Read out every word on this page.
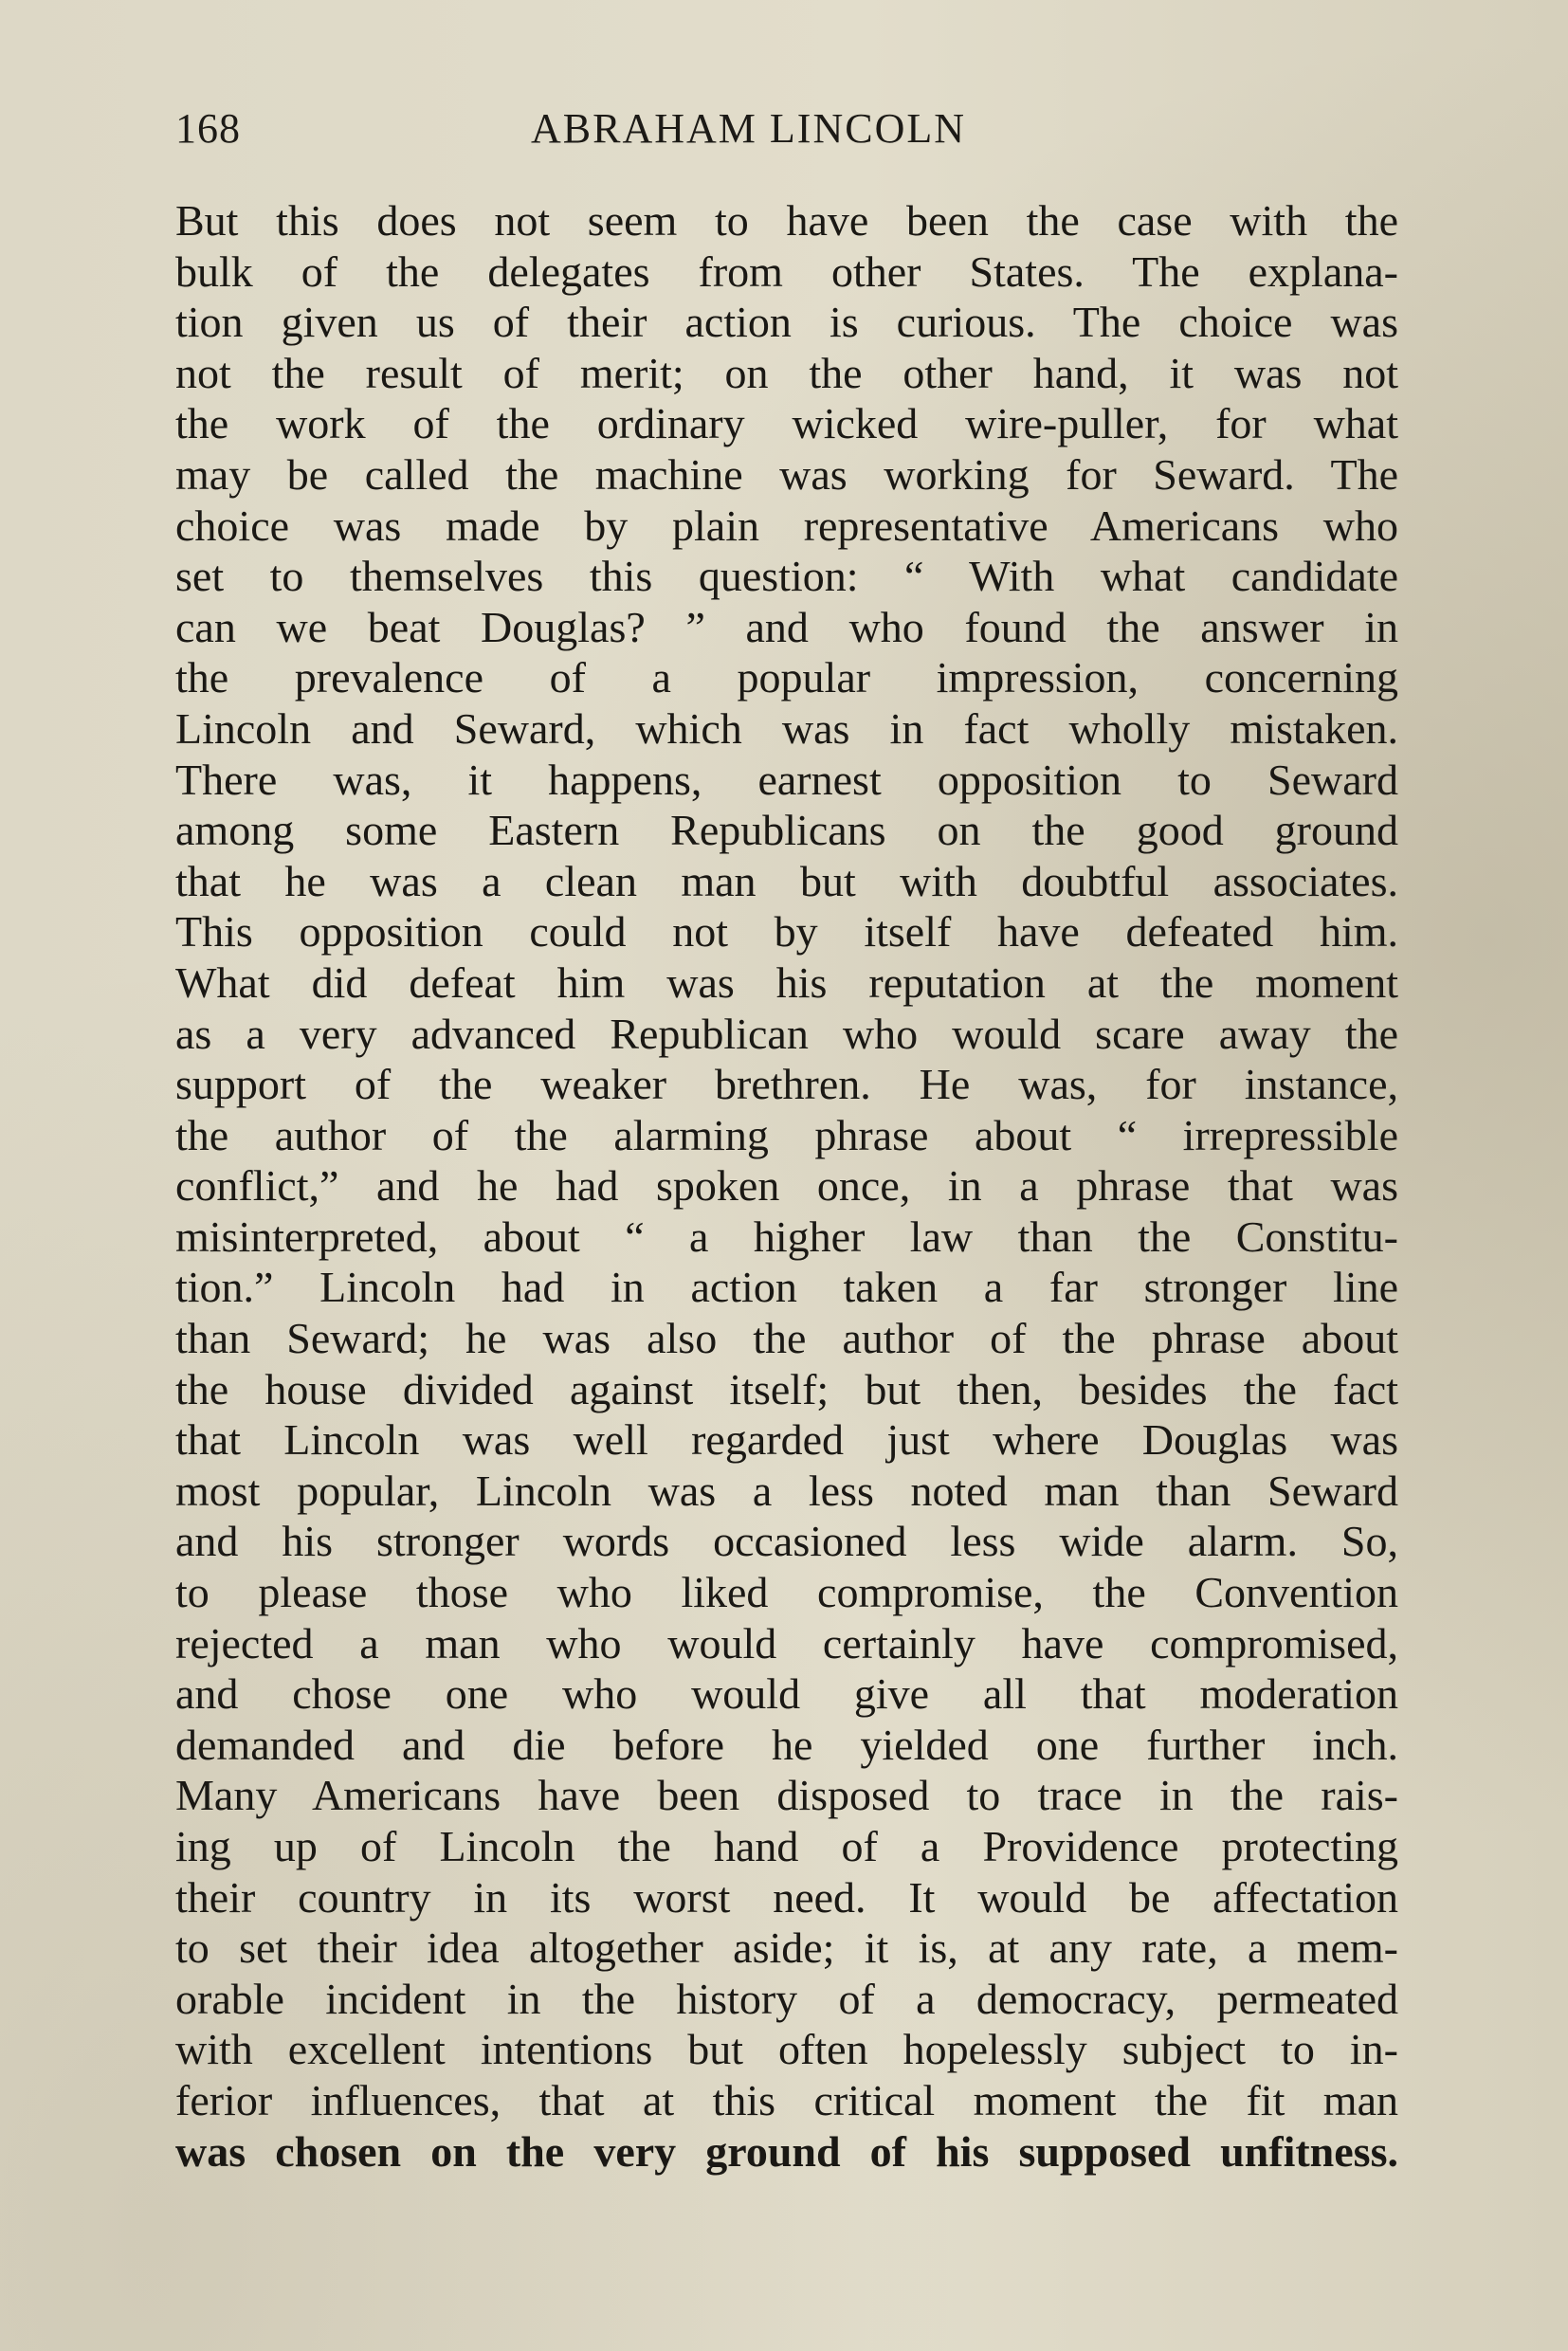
168	ABRAHAM LINCOLN
But this does not seem to have been the case with the
bulk of the delegates from other States. The explana-
tion given us of their action is curious. The choice was
not the result of merit; on the other hand, it was not
the work of the ordinary wicked wire-puller, for what
may be called the machine was working for Seward. The
choice was made by plain representative Americans who
set to themselves this question: “ With what candidate
can we beat Douglas? ” and who found the answer in
the prevalence of a popular impression, concerning
Lincoln and Seward, which was in fact wholly mistaken.
There was, it happens, earnest opposition to Seward
among some Eastern Republicans on the good ground
that he was a clean man but with doubtful associates.
This opposition could not by itself have defeated him.
What did defeat him was his reputation at the moment
as a very advanced Republican who would scare away the
support of the weaker brethren. He was, for instance,
the author of the alarming phrase about “ irrepressible
conflict,” and he had spoken once, in a phrase that was
misinterpreted, about “ a higher law than the Constitu-
tion.” Lincoln had in action taken a far stronger line
than Seward; he was also the author of the phrase about
the house divided against itself; but then, besides the fact
that Lincoln was well regarded just where Douglas was
most popular, Lincoln was a less noted man than Seward
and his stronger words occasioned less wide alarm. So,
to please those who liked compromise, the Convention
rejected a man who would certainly have compromised,
and chose one who would give all that moderation
demanded and die before he yielded one further inch.
Many Americans have been disposed to trace in the rais-
ing up of Lincoln the hand of a Providence protecting
their country in its worst need. It would be affectation
to set their idea altogether aside; it is, at any rate, a mem-
orable incident in the history of a democracy, permeated
with excellent intentions but often hopelessly subject to in-
ferior influences, that at this critical moment the fit man
was chosen on the very ground of his supposed unfitness.
